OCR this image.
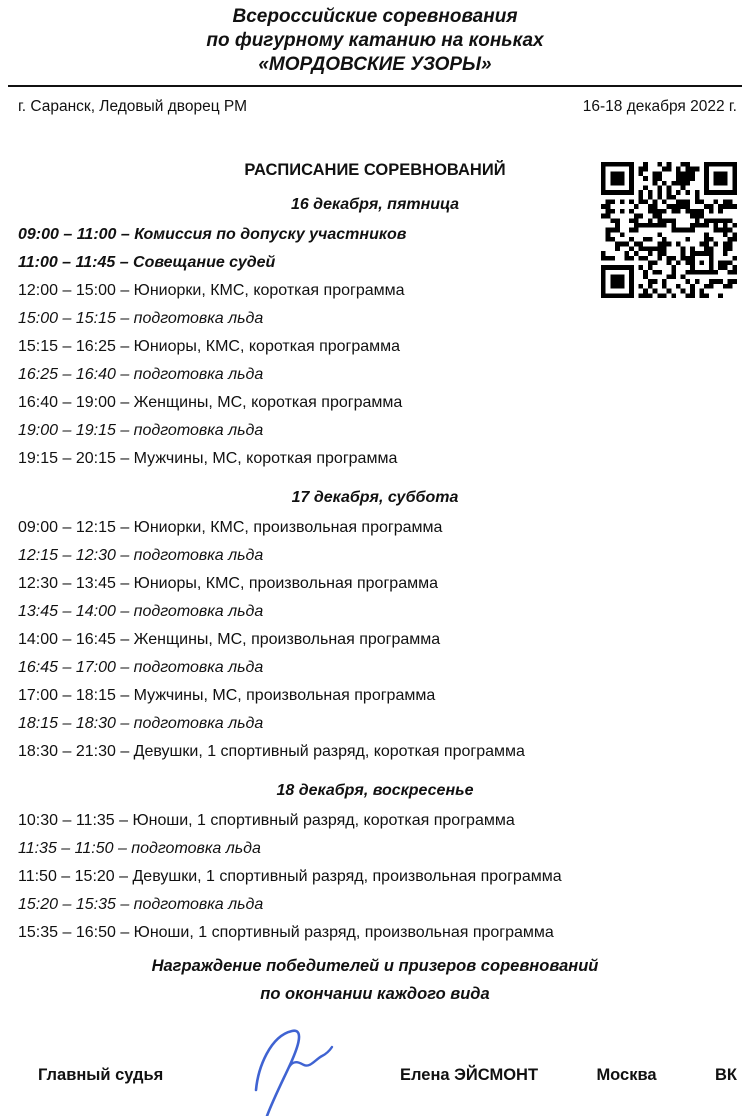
Всероссийские соревнования
по фигурному катанию на коньках
«МОРДОВСКИЕ УЗОРЫ»
г. Саранск, Ледовый дворец РМ	16-18 декабря 2022 г.
РАСПИСАНИЕ СОРЕВНОВАНИЙ
16 декабря, пятница
09:00 – 11:00 – Комиссия по допуску участников
11:00 – 11:45 – Совещание судей
12:00 – 15:00 – Юниорки, КМС, короткая программа
15:00 – 15:15 – подготовка льда
15:15 – 16:25 – Юниоры, КМС, короткая программа
16:25 – 16:40 – подготовка льда
16:40 – 19:00 – Женщины, МС, короткая программа
19:00 – 19:15 – подготовка льда
19:15 – 20:15 – Мужчины, МС, короткая программа
17 декабря, суббота
09:00 – 12:15 – Юниорки, КМС, произвольная программа
12:15 – 12:30 – подготовка льда
12:30 – 13:45 – Юниоры, КМС, произвольная программа
13:45 – 14:00 – подготовка льда
14:00 – 16:45 – Женщины, МС, произвольная программа
16:45 – 17:00 – подготовка льда
17:00 – 18:15 – Мужчины, МС, произвольная программа
18:15 – 18:30 – подготовка льда
18:30 – 21:30 – Девушки, 1 спортивный разряд, короткая программа
18 декабря, воскресенье
10:30 – 11:35 – Юноши, 1 спортивный разряд, короткая программа
11:35 – 11:50 – подготовка льда
11:50 – 15:20 – Девушки, 1 спортивный разряд, произвольная программа
15:20 – 15:35 – подготовка льда
15:35 – 16:50 – Юноши, 1 спортивный разряд, произвольная программа
Награждение победителей и призеров соревнований
по окончании каждого вида
Главный судья	Елена ЭЙСМОНТ	Москва	ВК
